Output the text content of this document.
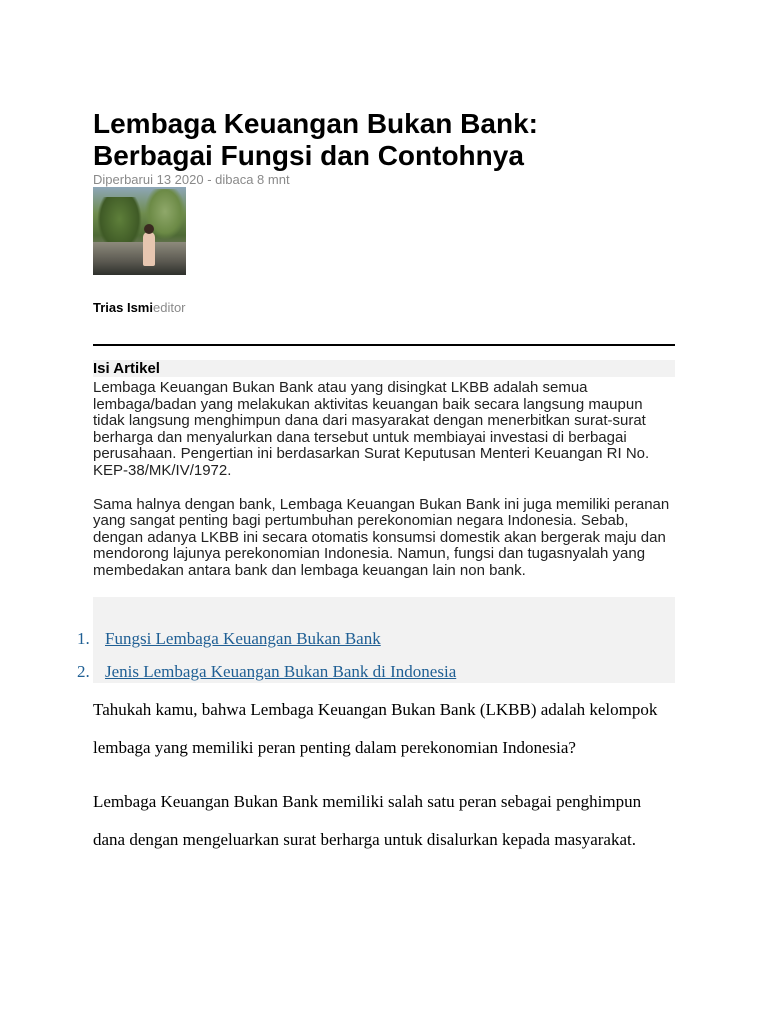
Lembaga Keuangan Bukan Bank:
Berbagai Fungsi dan Contohnya
Diperbarui 13 2020 - dibaca 8 mnt
Trias Ismieditor
Isi Artikel

Lembaga Keuangan Bukan Bank atau yang disingkat LKBB adalah semua lembaga/badan yang melakukan aktivitas keuangan baik secara langsung maupun tidak langsung menghimpun dana dari masyarakat dengan menerbitkan surat-surat berharga dan menyalurkan dana tersebut untuk membiayai investasi di berbagai perusahaan. Pengertian ini berdasarkan Surat Keputusan Menteri Keuangan RI No. KEP-38/MK/IV/1972.

Sama halnya dengan bank, Lembaga Keuangan Bukan Bank ini juga memiliki peranan yang sangat penting bagi pertumbuhan perekonomian negara Indonesia. Sebab, dengan adanya LKBB ini secara otomatis konsumsi domestik akan bergerak maju dan mendorong lajunya perekonomian Indonesia. Namun, fungsi dan tugasnyalah yang membedakan antara bank dan lembaga keuangan lain non bank.

1. Fungsi Lembaga Keuangan Bukan Bank
2. Jenis Lembaga Keuangan Bukan Bank di Indonesia

Tahukah kamu, bahwa Lembaga Keuangan Bukan Bank (LKBB) adalah kelompok lembaga yang memiliki peran penting dalam perekonomian Indonesia?

Lembaga Keuangan Bukan Bank memiliki salah satu peran sebagai penghimpun dana dengan mengeluarkan surat berharga untuk disalurkan kepada masyarakat.
